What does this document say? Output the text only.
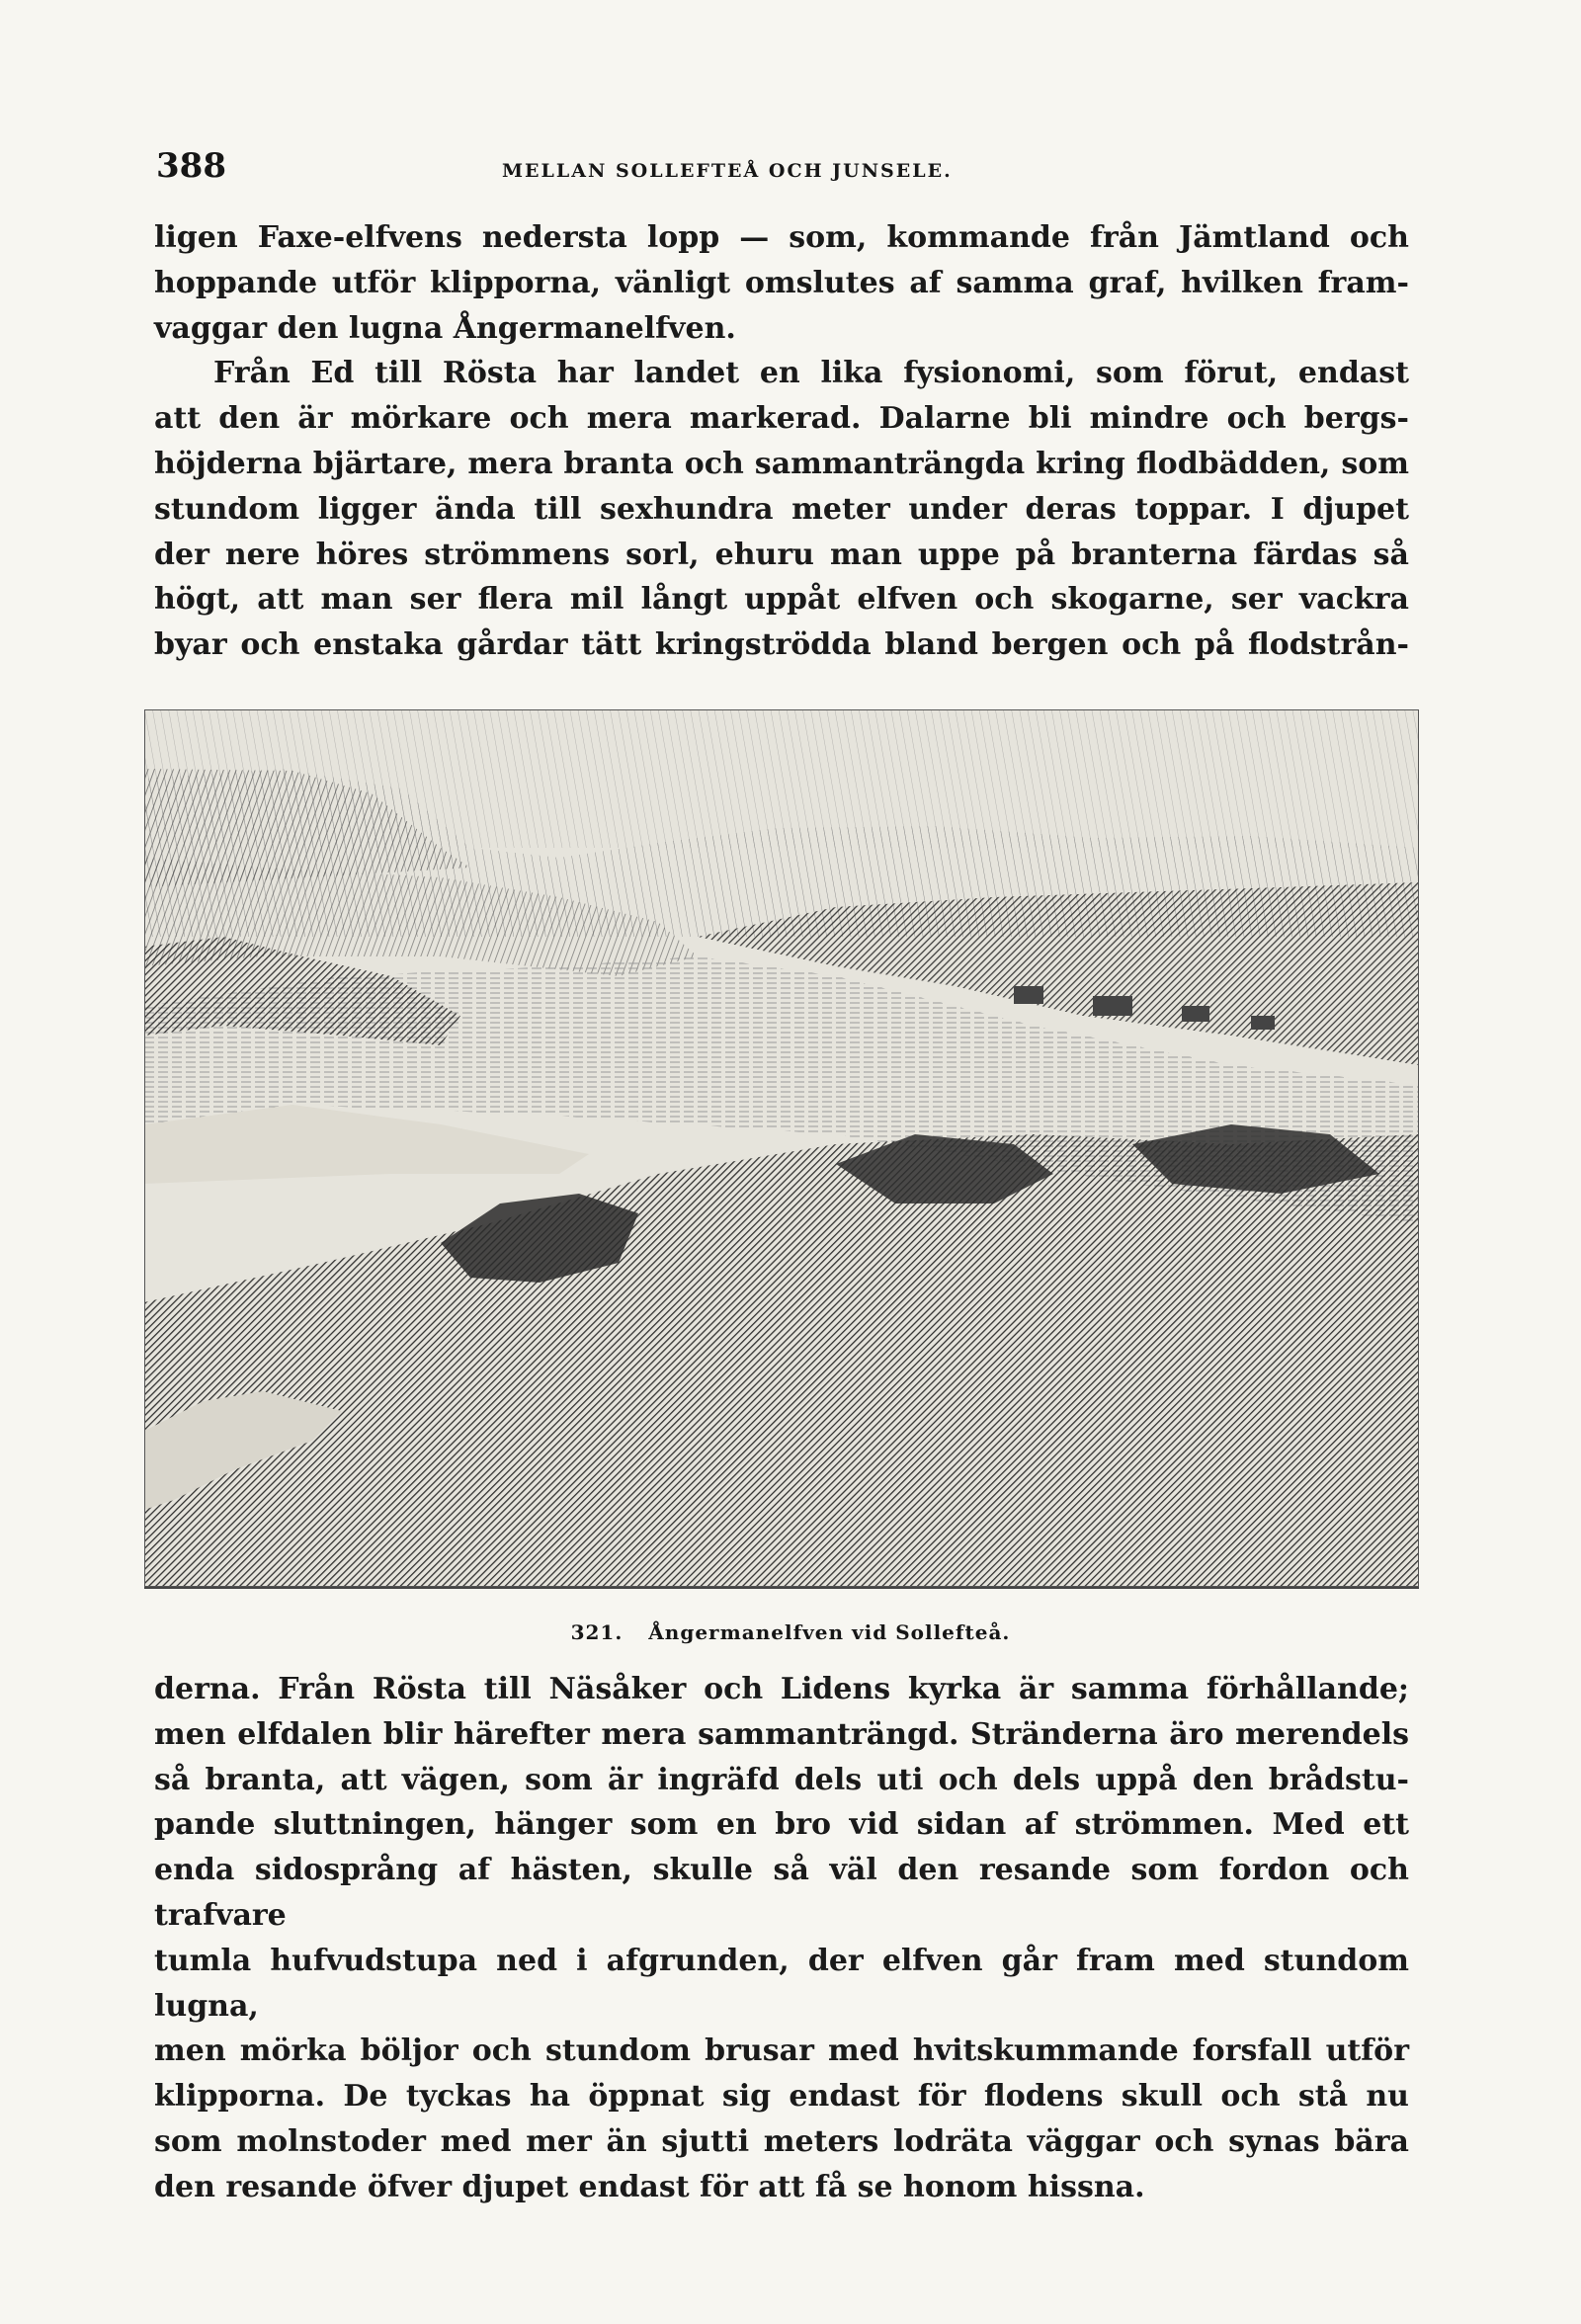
388	MELLAN SOLLEFTEÅ OCH JUNSELE.
ligen Faxe-elfvens nedersta lopp — som, kommande från Jämtland och
hoppande utför klipporna, vänligt omslutes af samma graf, hvilken fram-
vaggar den lugna Ångermanelfven.
Från Ed till Rösta har landet en lika fysionomi, som förut, endast
att den är mörkare och mera markerad. Dalarne bli mindre och bergs-
höjderna bjärtare, mera branta och sammanträngda kring flodbädden, som
stundom ligger ända till sexhundra meter under deras toppar. I djupet
der nere höres strömmens sorl, ehuru man uppe på branterna färdas så
högt, att man ser flera mil långt uppåt elfven och skogarne, ser vackra
byar och enstaka gårdar tätt kringströdda bland bergen och på flodstrån-
321. Ångermanelfven vid Sollefteå.
derna. Från Rösta till Näsåker och Lidens kyrka är samma förhållande;
men elfdalen blir härefter mera sammanträngd. Stränderna äro merendels
så branta, att vägen, som är ingräfd dels uti och dels uppå den brådstu-
pande sluttningen, hänger som en bro vid sidan af strömmen. Med ett
enda sidosprång af hästen, skulle så väl den resande som fordon och trafvare
tumla hufvudstupa ned i afgrunden, der elfven går fram med stundom lugna,
men mörka böljor och stundom brusar med hvitskummande forsfall utför
klipporna. De tyckas ha öppnat sig endast för flodens skull och stå nu
som molnstoder med mer än sjutti meters lodräta väggar och synas bära
den resande öfver djupet endast för att få se honom hissna.
